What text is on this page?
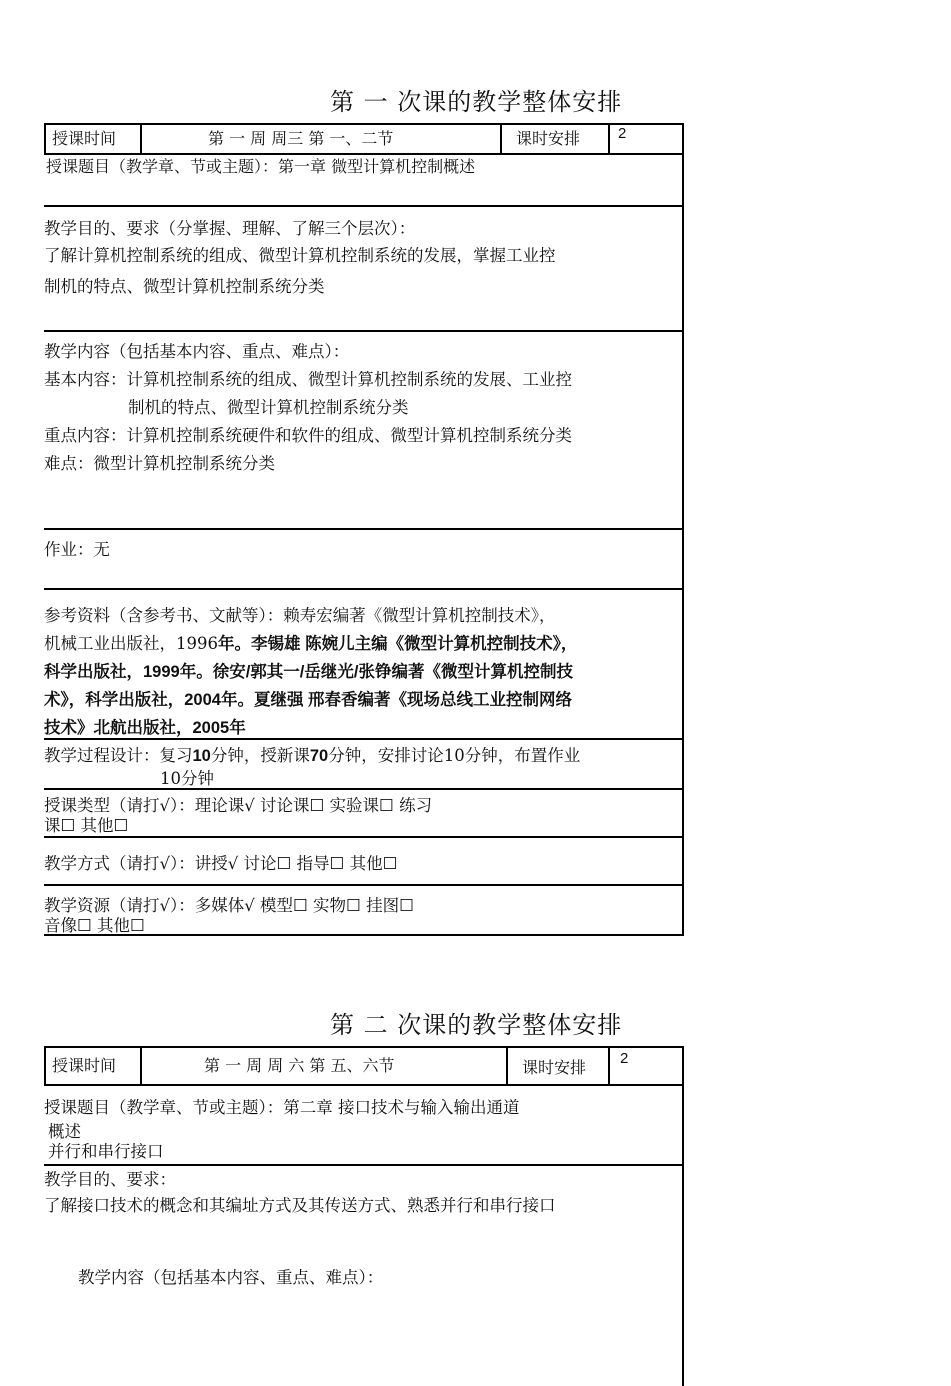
第 一 次课的教学整体安排
授课时间	第 一 周 周三 第 一、二节	课时安排	2
授课题目（教学章、节或主题）：第一章 微型计算机控制概述
教学目的、要求（分掌握、理解、了解三个层次）：
了解计算机控制系统的组成、微型计算机控制系统的发展，掌握工业控
制机的特点、微型计算机控制系统分类
教学内容（包括基本内容、重点、难点）：
基本内容：计算机控制系统的组成、微型计算机控制系统的发展、工业控
制机的特点、微型计算机控制系统分类
重点内容：计算机控制系统硬件和软件的组成、微型计算机控制系统分类
难点：微型计算机控制系统分类
作业：无
参考资料（含参考书、文献等）：赖寿宏编著《微型计算机控制技术》，
机械工业出版社，1996年。李锡雄 陈婉儿主编《微型计算机控制技术》，
科学出版社，1999年。徐安/郭其一/岳继光/张铮编著《微型计算机控制技
术》，科学出版社，2004年。夏继强 邢春香编著《现场总线工业控制网络
技术》北航出版社，2005年
教学过程设计：复习10分钟，授新课70分钟，安排讨论10分钟，布置作业
10分钟
授课类型（请打√）：理论课√ 讨论课☐ 实验课☐ 练习
课☐ 其他☐
教学方式（请打√）：讲授√ 讨论☐ 指导☐ 其他☐
教学资源（请打√）：多媒体√ 模型☐ 实物☐ 挂图☐
音像☐ 其他☐
第 二 次课的教学整体安排
授课时间	第 一 周 周 六 第 五、六节	课时安排 2
授课题目（教学章、节或主题）：第二章 接口技术与输入输出通道
概述
并行和串行接口
教学目的、要求：
了解接口技术的概念和其编址方式及其传送方式、熟悉并行和串行接口
教学内容（包括基本内容、重点、难点）：
